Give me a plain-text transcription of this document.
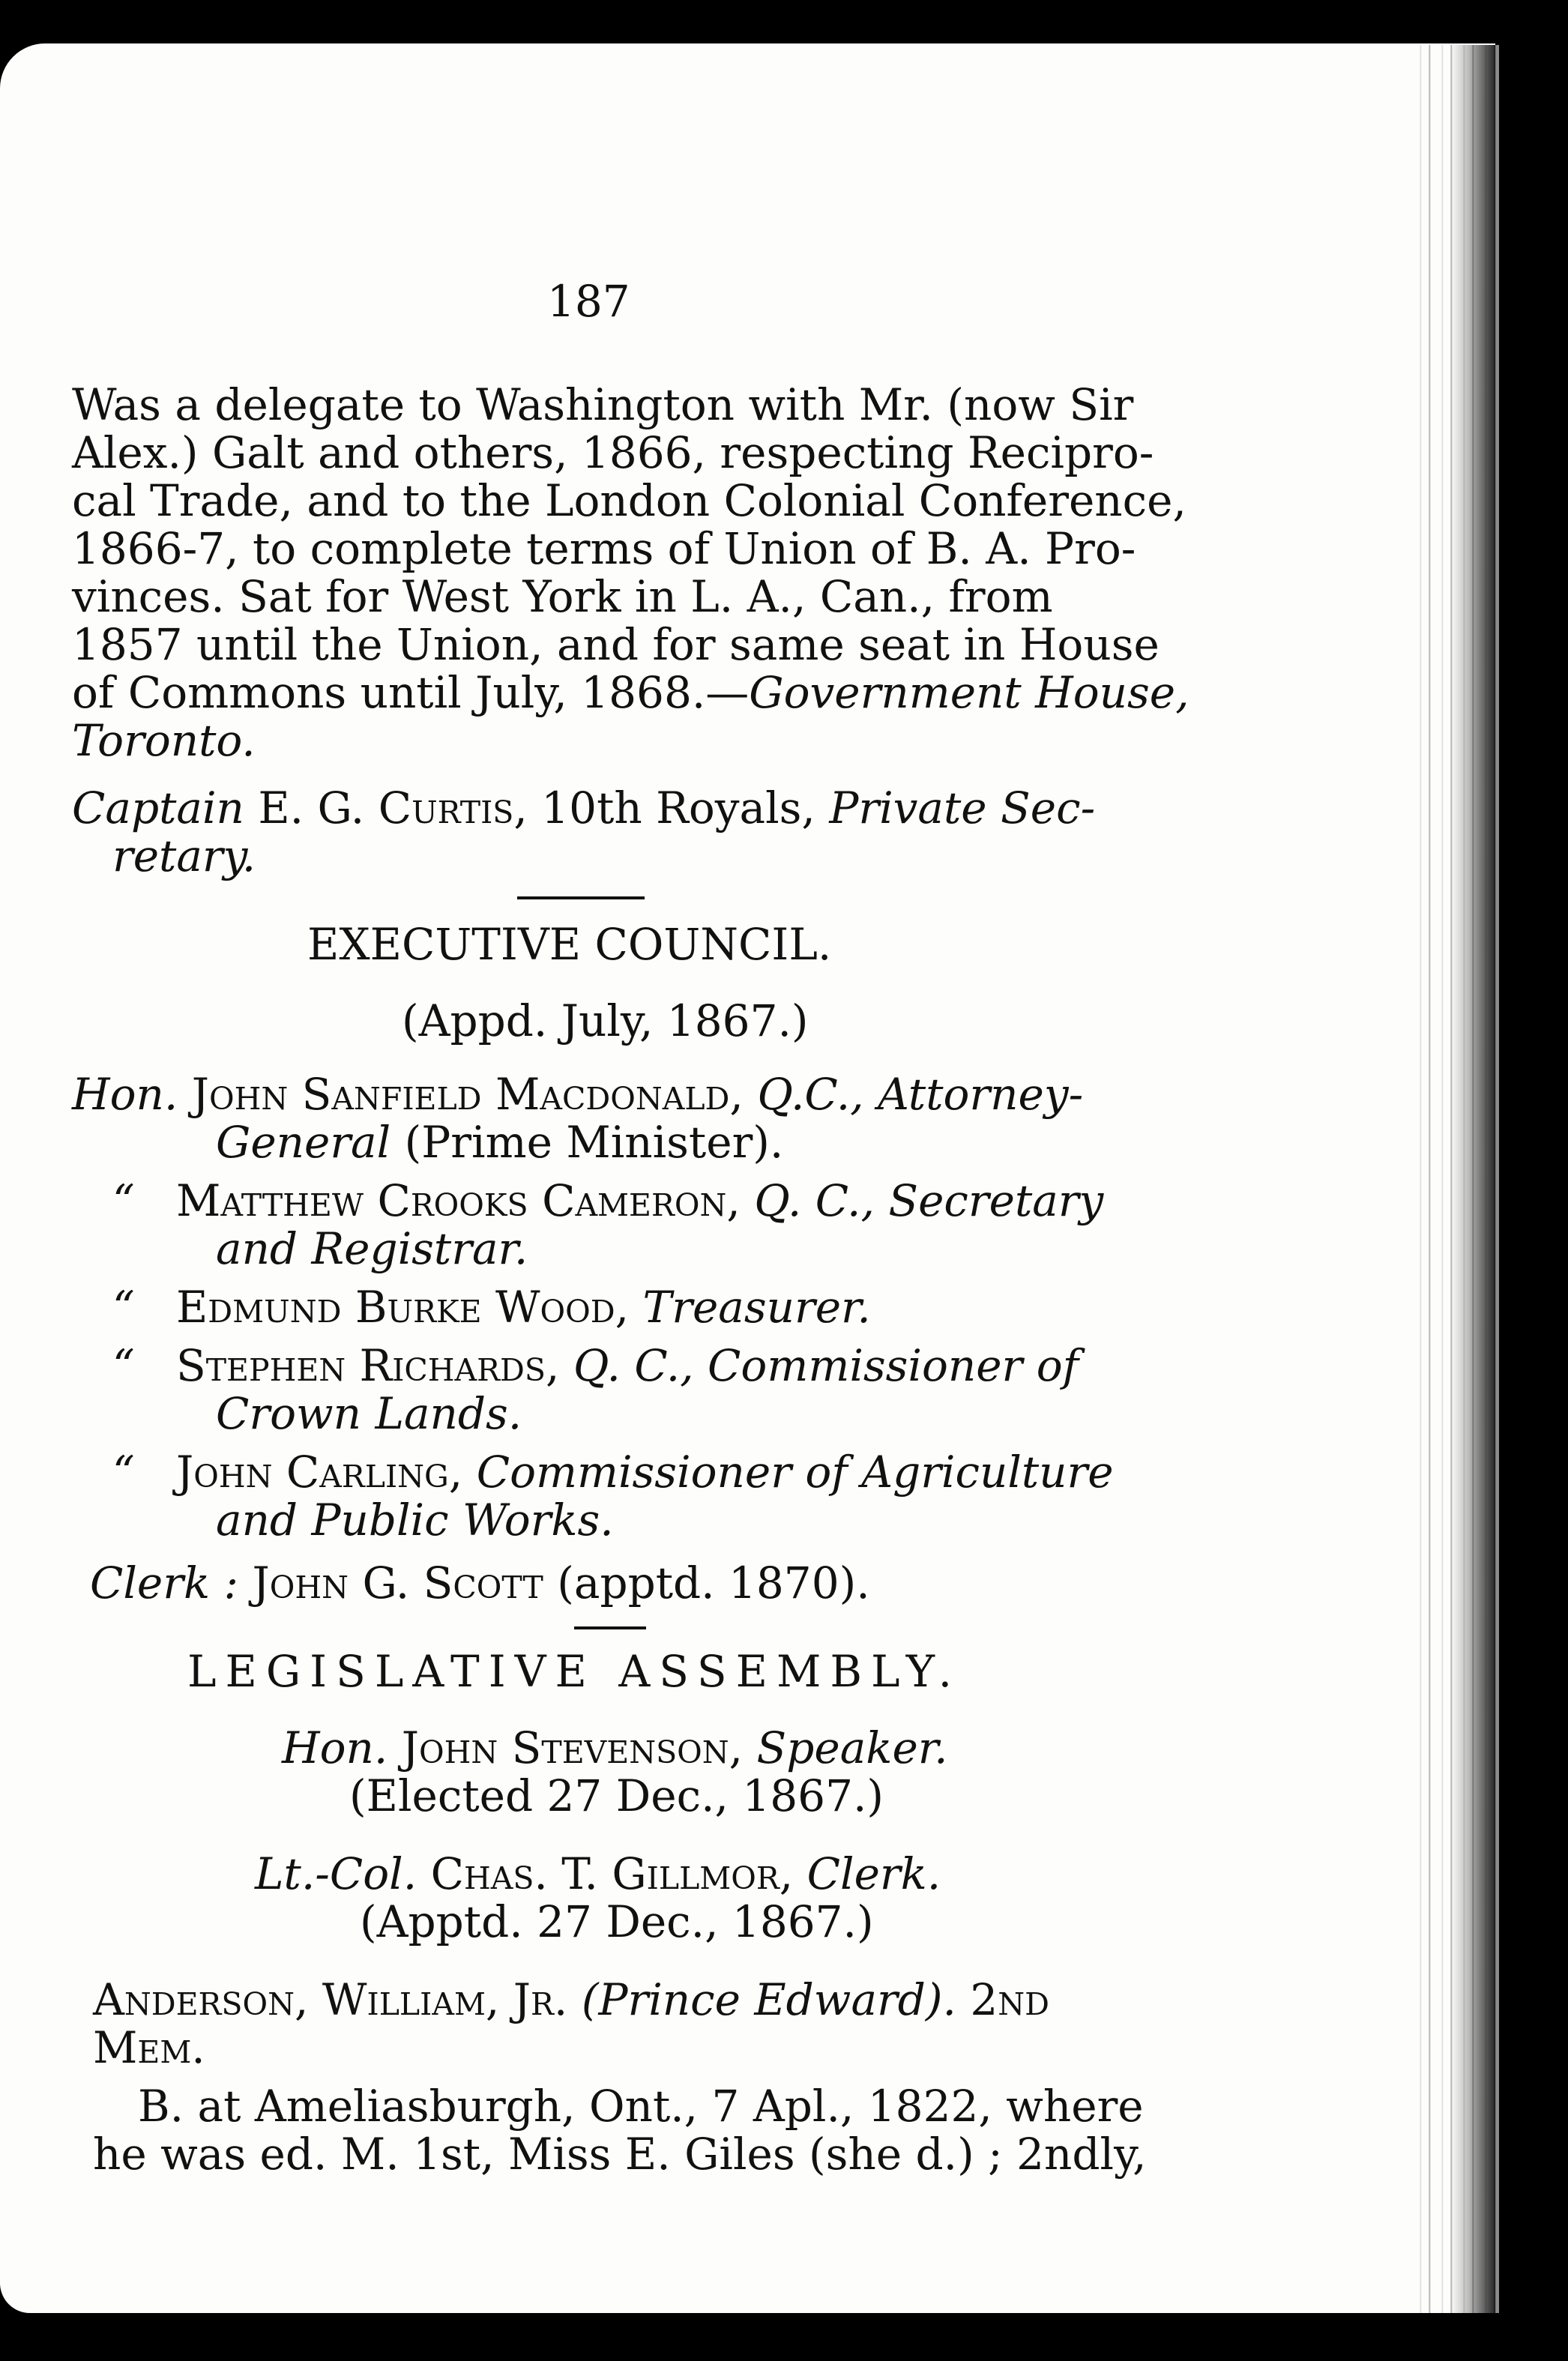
187
Was a delegate to Washington with Mr. (now Sir
Alex.) Galt and others, 1866, respecting Recipro-
cal Trade, and to the London Colonial Conference,
1866-7, to complete terms of Union of B. A. Pro-
vinces. Sat for West York in L. A., Can., from
1857 until the Union, and for same seat in House
of Commons until July, 1868.—Government House,
Toronto.
Captain E. G. Curtis, 10th Royals, Private Sec-
retary.
EXECUTIVE COUNCIL.
(Appd. July, 1867.)
Hon. John Sanfield Macdonald, Q.C., Attorney-
General (Prime Minister).
“ Matthew Crooks Cameron, Q. C., Secretary
and Registrar.
“ Edmund Burke Wood, Treasurer.
“ Stephen Richards, Q. C., Commissioner of
Crown Lands.
“ John Carling, Commissioner of Agriculture
and Public Works.
Clerk : John G. Scott (apptd. 1870).
LEGISLATIVE ASSEMBLY.
Hon. John Stevenson, Speaker.
(Elected 27 Dec., 1867.)
Lt.-Col. Chas. T. Gillmor, Clerk.
(Apptd. 27 Dec., 1867.)
Anderson, William, Jr. (Prince Edward). 2nd
Mem.
B. at Ameliasburgh, Ont., 7 Apl., 1822, where
he was ed. M. 1st, Miss E. Giles (she d.) ; 2ndly,
